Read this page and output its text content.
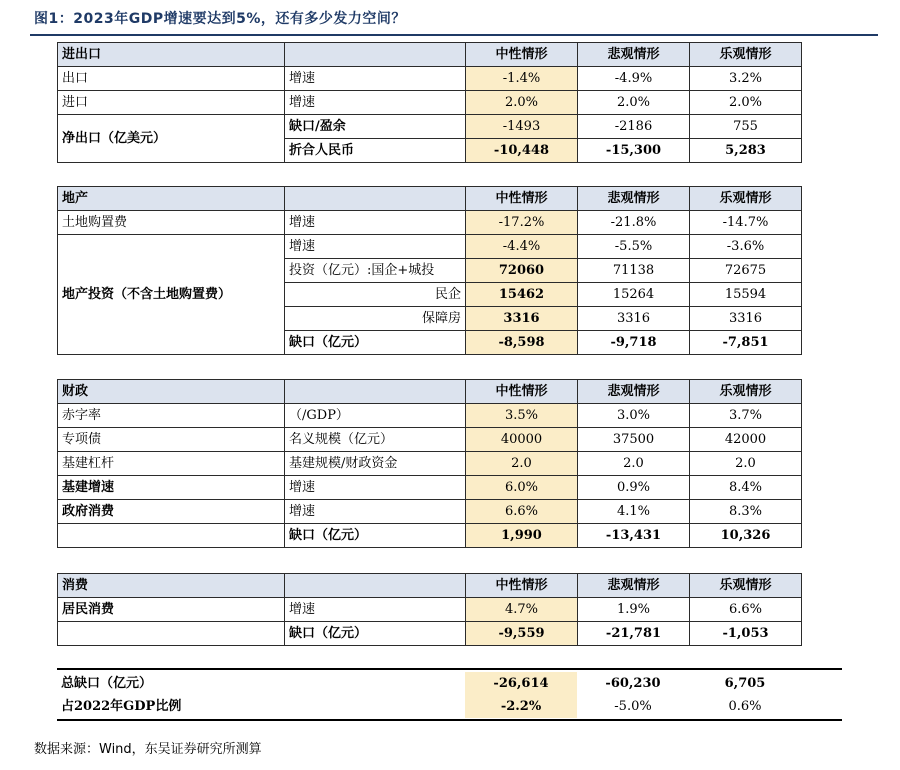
图1：2023年GDP增速要达到5%，还有多少发力空间？
进出口		中性情形	悲观情形	乐观情形
出口	增速	-1.4%	-4.9%	3.2%
进口	增速	2.0%	2.0%	2.0%
净出口（亿美元）	缺口/盈余	-1493	-2186	755
	折合人民币	-10,448	-15,300	5,283
地产		中性情形	悲观情形	乐观情形
土地购置费	增速	-17.2%	-21.8%	-14.7%
地产投资（不含土地购置费）	增速	-4.4%	-5.5%	-3.6%
	投资（亿元）:国企+城投	72060	71138	72675
	民企	15462	15264	15594
	保障房	3316	3316	3316
	缺口（亿元）	-8,598	-9,718	-7,851
财政		中性情形	悲观情形	乐观情形
赤字率	（/GDP）	3.5%	3.0%	3.7%
专项债	名义规模（亿元）	40000	37500	42000
基建杠杆	基建规模/财政资金	2.0	2.0	2.0
基建增速	增速	6.0%	0.9%	8.4%
政府消费	增速	6.6%	4.1%	8.3%
	缺口（亿元）	1,990	-13,431	10,326
消费		中性情形	悲观情形	乐观情形
居民消费	增速	4.7%	1.9%	6.6%
	缺口（亿元）	-9,559	-21,781	-1,053
总缺口（亿元）		-26,614	-60,230	6,705
占2022年GDP比例		-2.2%	-5.0%	0.6%
数据来源：Wind，东吴证券研究所测算
